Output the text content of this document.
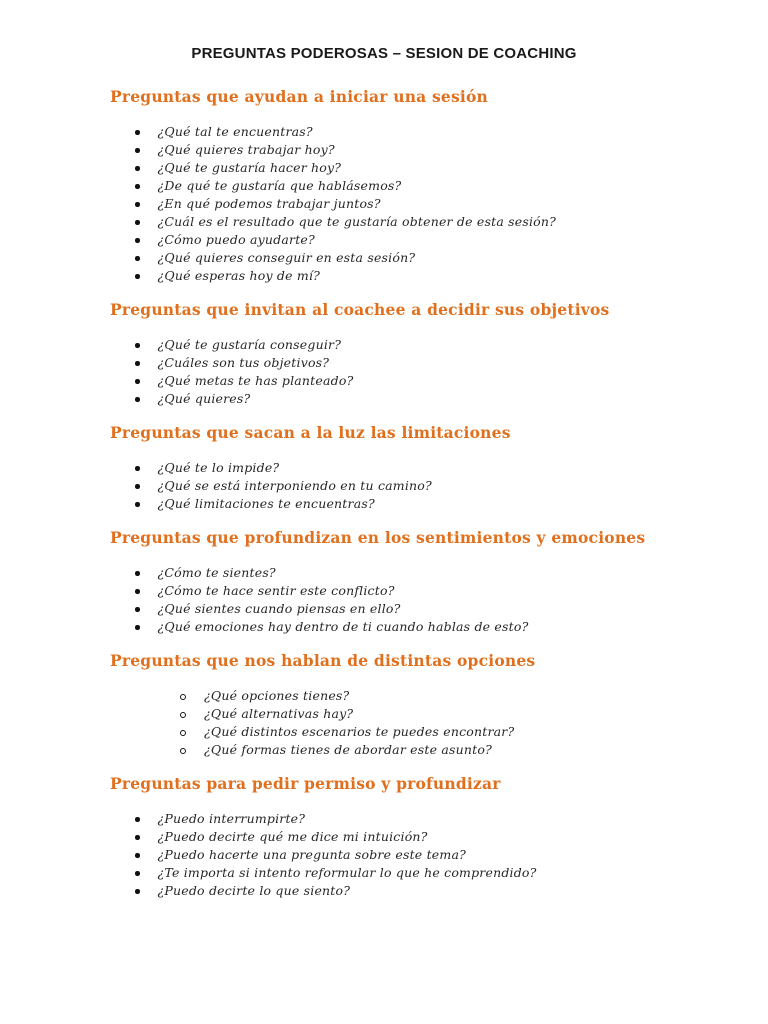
PREGUNTAS PODEROSAS – SESION DE COACHING
Preguntas que ayudan a iniciar una sesión
¿Qué tal te encuentras?
¿Qué quieres trabajar hoy?
¿Qué te gustaría hacer hoy?
¿De qué te gustaría que hablásemos?
¿En qué podemos trabajar juntos?
¿Cuál es el resultado que te gustaría obtener de esta sesión?
¿Cómo puedo ayudarte?
¿Qué quieres conseguir en esta sesión?
¿Qué esperas hoy de mí?
Preguntas que invitan al coachee a decidir sus objetivos
¿Qué te gustaría conseguir?
¿Cuáles son tus objetivos?
¿Qué metas te has planteado?
¿Qué quieres?
Preguntas que sacan a la luz las limitaciones
¿Qué te lo impide?
¿Qué se está interponiendo en tu camino?
¿Qué limitaciones te encuentras?
Preguntas que profundizan en los sentimientos y emociones
¿Cómo te sientes?
¿Cómo te hace sentir este conflicto?
¿Qué sientes cuando piensas en ello?
¿Qué emociones hay dentro de ti cuando hablas de esto?
Preguntas que nos hablan de distintas opciones
¿Qué opciones tienes?
¿Qué alternativas hay?
¿Qué distintos escenarios te puedes encontrar?
¿Qué formas tienes de abordar este asunto?
Preguntas para pedir permiso y profundizar
¿Puedo interrumpirte?
¿Puedo decirte qué me dice mi intuición?
¿Puedo hacerte una pregunta sobre este tema?
¿Te importa si intento reformular lo que he comprendido?
¿Puedo decirte lo que siento?
